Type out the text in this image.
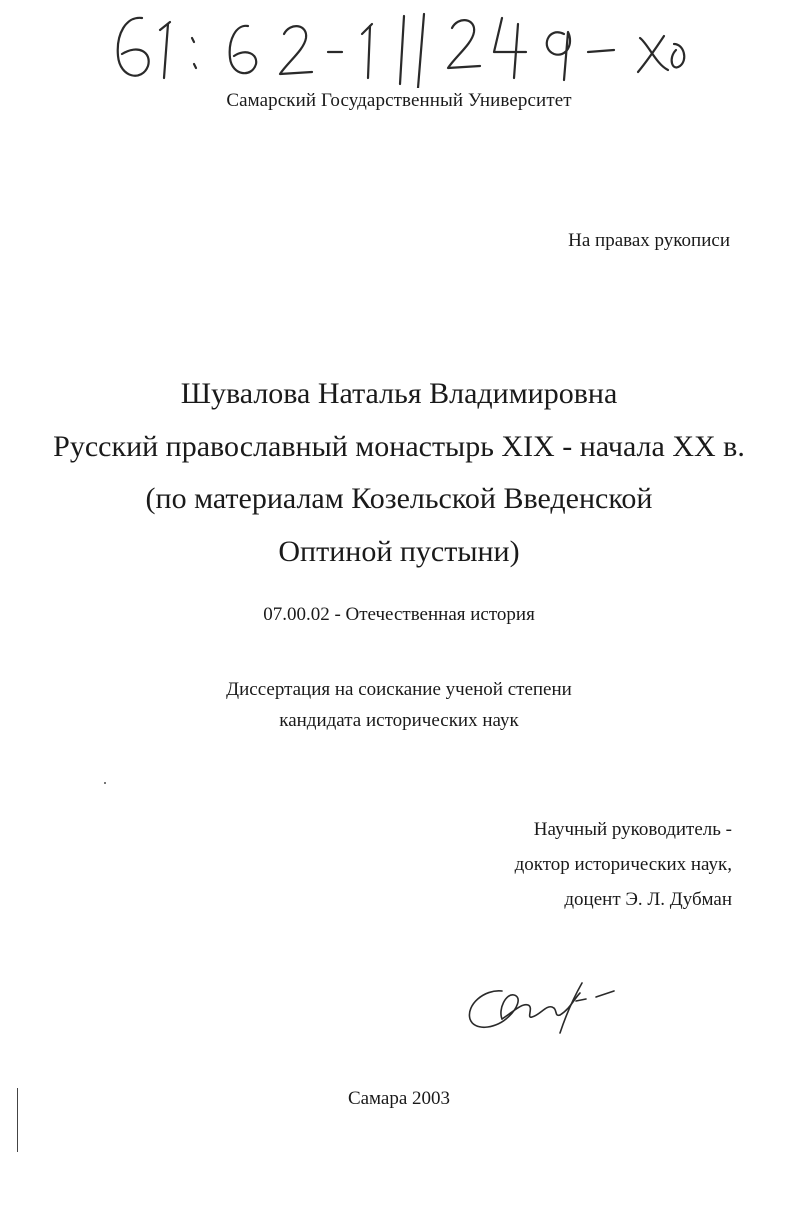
Самарский Государственный Университет
На правах рукописи
Шувалова Наталья Владимировна
Русский православный монастырь XIX - начала XX в.
(по материалам Козельской Введенской
Оптиной пустыни)
07.00.02 - Отечественная история
Диссертация на соискание ученой степени
кандидата исторических наук
Научный руководитель -
доктор исторических наук,
доцент Э. Л. Дубман
Самара 2003
